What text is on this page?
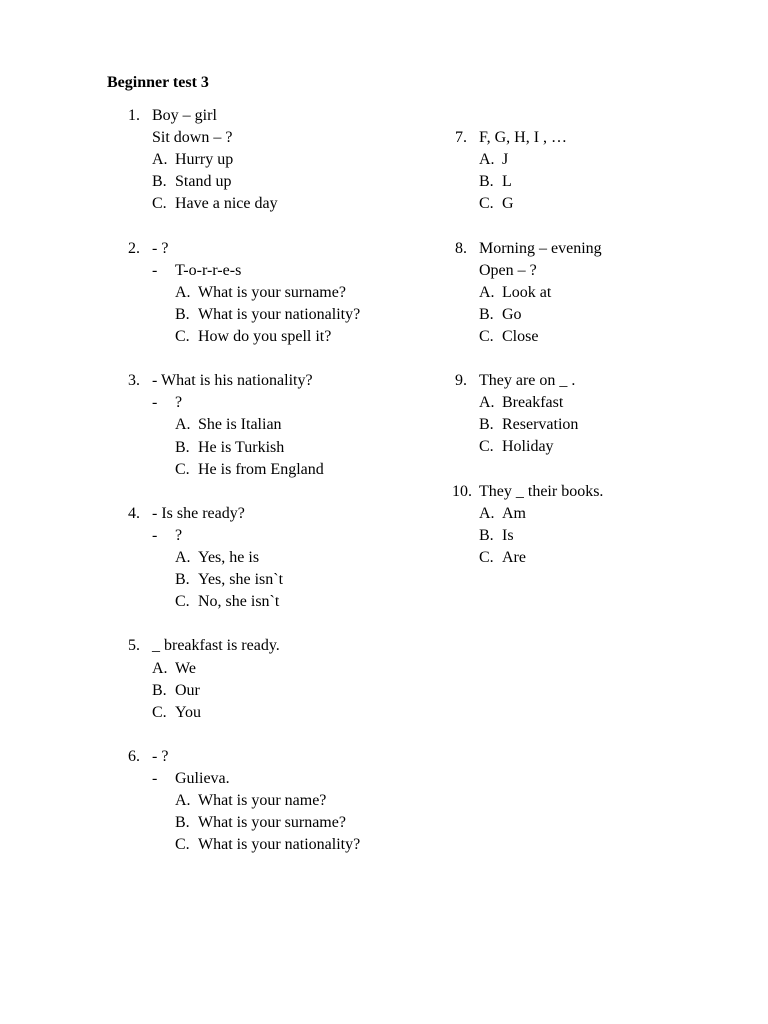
Beginner test 3
1. Boy – girl
Sit down – ?
A. Hurry up
B. Stand up
C. Have a nice day
2. - ?
- T-o-r-r-e-s
A. What is your surname?
B. What is your nationality?
C. How do you spell it?
3. - What is his nationality?
- ?
A. She is Italian
B. He is Turkish
C. He is from England
4. - Is she ready?
- ?
A. Yes, he is
B. Yes, she isn`t
C. No, she isn`t
5. _ breakfast is ready.
A. We
B. Our
C. You
6. - ?
- Gulieva.
A. What is your name?
B. What is your surname?
C. What is your nationality?
7. F, G, H, I , …
A. J
B. L
C. G
8. Morning – evening
Open – ?
A. Look at
B. Go
C. Close
9. They are on _ .
A. Breakfast
B. Reservation
C. Holiday
10. They _ their books.
A. Am
B. Is
C. Are
